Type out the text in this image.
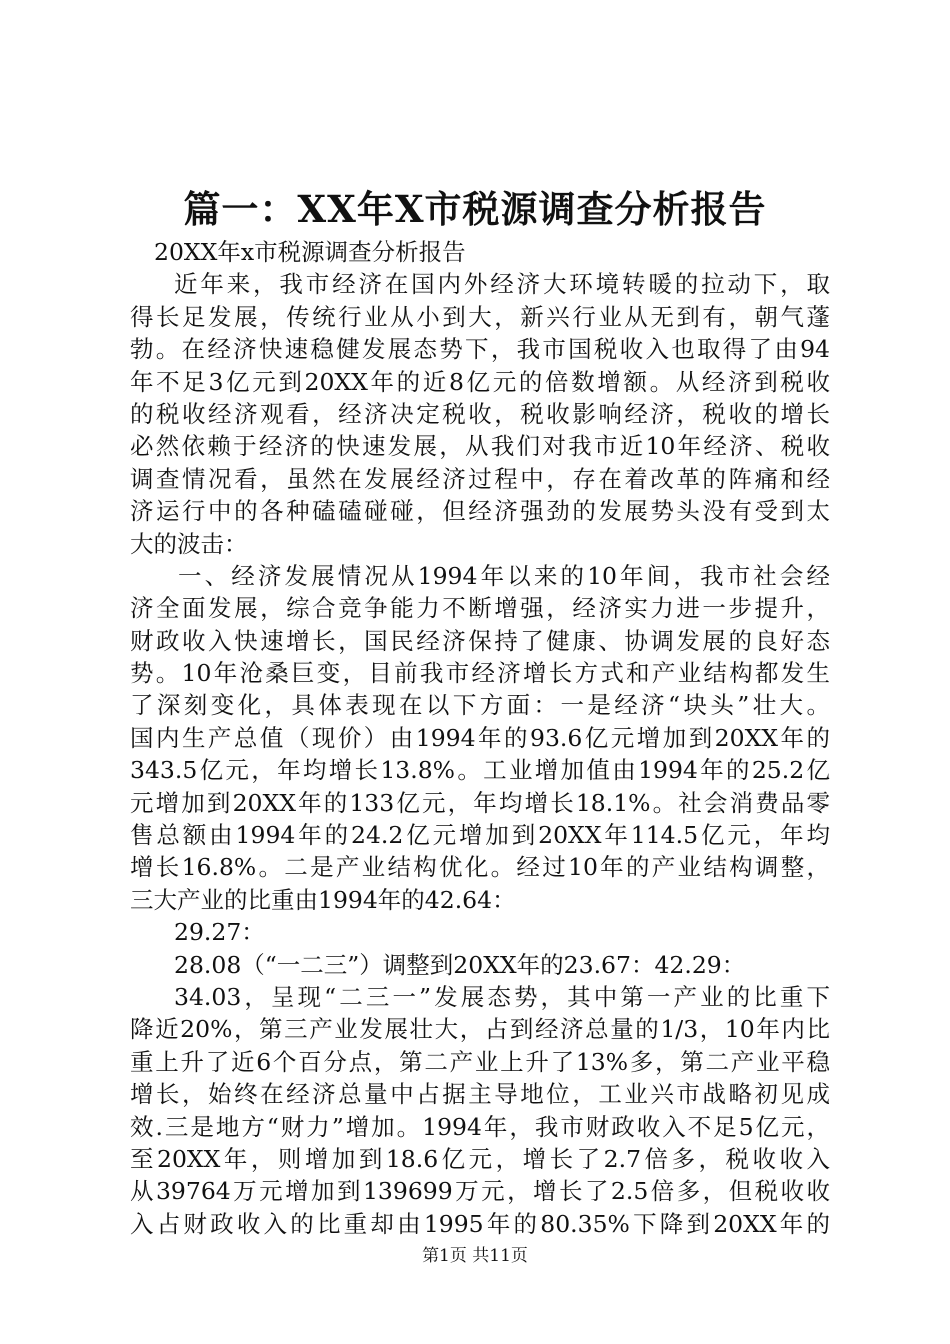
篇一：XX年X市税源调查分析报告
20XX年x市税源调查分析报告
近年来，我市经济在国内外经济大环境转暖的拉动下，取
得长足发展，传统行业从小到大，新兴行业从无到有，朝气蓬
勃。在经济快速稳健发展态势下，我市国税收入也取得了由94
年不足3亿元到20XX年的近8亿元的倍数增额。从经济到税收
的税收经济观看，经济决定税收，税收影响经济，税收的增长
必然依赖于经济的快速发展，从我们对我市近10年经济、税收
调查情况看，虽然在发展经济过程中，存在着改革的阵痛和经
济运行中的各种磕磕碰碰，但经济强劲的发展势头没有受到太
大的波击：
一、经济发展情况从1994年以来的10年间，我市社会经
济全面发展，综合竞争能力不断增强，经济实力进一步提升，
财政收入快速增长，国民经济保持了健康、协调发展的良好态
势。10年沧桑巨变，目前我市经济增长方式和产业结构都发生
了深刻变化，具体表现在以下方面：一是经济“块头”壮大。
国内生产总值（现价）由1994年的93.6亿元增加到20XX年的
343.5亿元，年均增长13.8%。工业增加值由1994年的25.2亿
元增加到20XX年的133亿元，年均增长18.1%。社会消费品零
售总额由1994年的24.2亿元增加到20XX年114.5亿元，年均
增长16.8%。二是产业结构优化。经过10年的产业结构调整，
三大产业的比重由1994年的42.64：
29.27：
28.08（“一二三”）调整到20XX年的23.67：42.29：
34.03，呈现“二三一”发展态势，其中第一产业的比重下
降近20%，第三产业发展壮大，占到经济总量的1/3，10年内比
重上升了近6个百分点，第二产业上升了13%多，第二产业平稳
增长，始终在经济总量中占据主导地位，工业兴市战略初见成
效.三是地方“财力”增加。1994年，我市财政收入不足5亿元，
至20XX年，则增加到18.6亿元，增长了2.7倍多，税收收入
从39764万元增加到139699万元，增长了2.5倍多，但税收收
入占财政收入的比重却由1995年的80.35%下降到20XX年的
第1页 共11页
